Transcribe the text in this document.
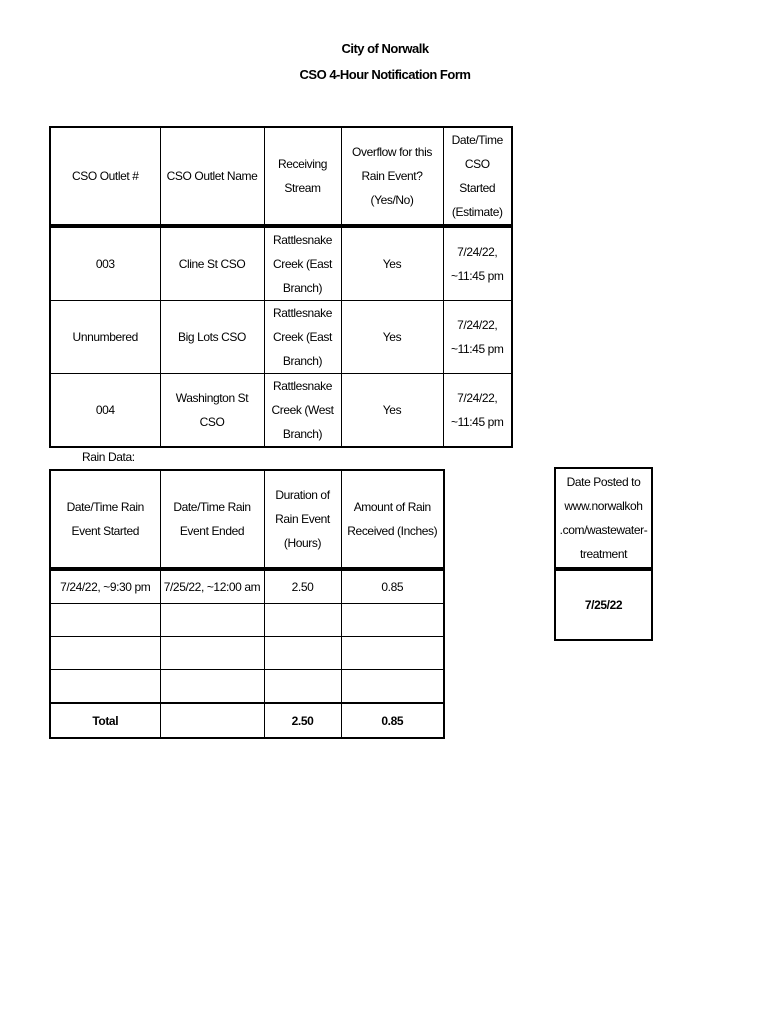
City of Norwalk
CSO 4-Hour Notification Form
CSO Outlet #	CSO Outlet Name	Receiving Stream	Overflow for this Rain Event? (Yes/No)	Date/Time CSO Started (Estimate)
003	Cline St CSO	Rattlesnake Creek (East Branch)	Yes	7/24/22, ~11:45 pm
Unnumbered	Big Lots CSO	Rattlesnake Creek (East Branch)	Yes	7/24/22, ~11:45 pm
004	Washington St CSO	Rattlesnake Creek (West Branch)	Yes	7/24/22, ~11:45 pm
Rain Data:
Date/Time Rain Event Started	Date/Time Rain Event Ended	Duration of Rain Event (Hours)	Amount of Rain Received (Inches)
7/24/22, ~9:30 pm	7/25/22, ~12:00 am	2.50	0.85

Total		2.50	0.85
Date Posted to www.norwalkoh .com/wastewater-treatment
7/25/22
